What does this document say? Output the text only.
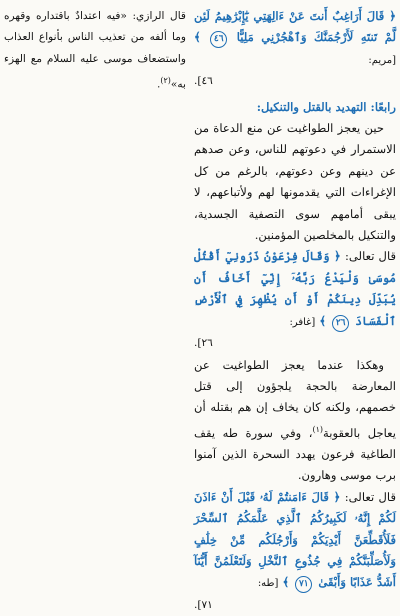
﴿ قَالَ أَرَاغِبٌ أَنتَ عَنْ ءَالِهَتِي يَٰٓإِبْرَٰهِيمُ لَئِن لَّمْ تَنتَهِ لَأَرْجُمَنَّكَ وَٱهْجُرْنِي مَلِيًّا ٤٦ ﴾ [مريم:
٤٦].
رابعًا: التهديد بالقتل والتنكيل:

حين يعجز الطواغيت عن منع الدعاة من الاستمرار في دعوتهم للناس، وعن صدهم عن دينهم وعن دعوتهم، بالرغم من كل الإغراءات التي يقدمونها لهم ولأتباعهم، لا يبقى أمامهم سوى التصفية الجسدية، والتنكيل بالمخلصين المؤمنين.

قال تعالى: ﴿ وَقَالَ فِرْعَوْنُ ذَرُونِيٓ أَقْتُلْ مُوسَىٰ وَلْيَدْعُ رَبَّهُۥٓ إِنِّيٓ أَخَافُ أَن يُبَدِّلَ دِينَكُمْ أَوْ أَن يُظْهِرَ فِي ٱلْأَرْضِ ٱلْفَسَادَ ٢٦ ﴾ [غافر:
٢٦].

وهكذا عندما يعجز الطواغيت عن المعارضة بالحجة يلجؤون إلى قتل خصمهم، ولكنه كان يخاف إن هم بقتله أن يعاجل بالعقوبة$^{(١)}$، وفي سورة طه يقف الطاغية فرعون يهدد السحرة الذين آمنوا برب موسى وهارون.

قال تعالى: ﴿ قَالَ ءَامَنتُمْ لَهُۥ قَبْلَ أَنْ ءَاذَنَ لَكُمْ إِنَّهُۥ لَكَبِيرُكُمُ ٱلَّذِي عَلَّمَكُمُ ٱلسِّحْرَ فَلَأُقَطِّعَنَّ أَيْدِيَكُمْ وَأَرْجُلَكُم مِّنْ خِلَٰفٍ وَلَأُصَلِّبَنَّكُمْ فِي جُذُوعِ ٱلنَّخْلِ وَلَتَعْلَمُنَّ أَيُّنَآ أَشَدُّ عَذَابًا وَأَبْقَىٰ ٧١ ﴾ [طه:
٧١].

قال الرازي: «فيه اعتدادٌ باقتداره وقهره وما ألفه من تعذيب الناس بأنواع العذاب واستضعاف موسى عليه السلام مع الهزء به»$^{(٢)}$.
